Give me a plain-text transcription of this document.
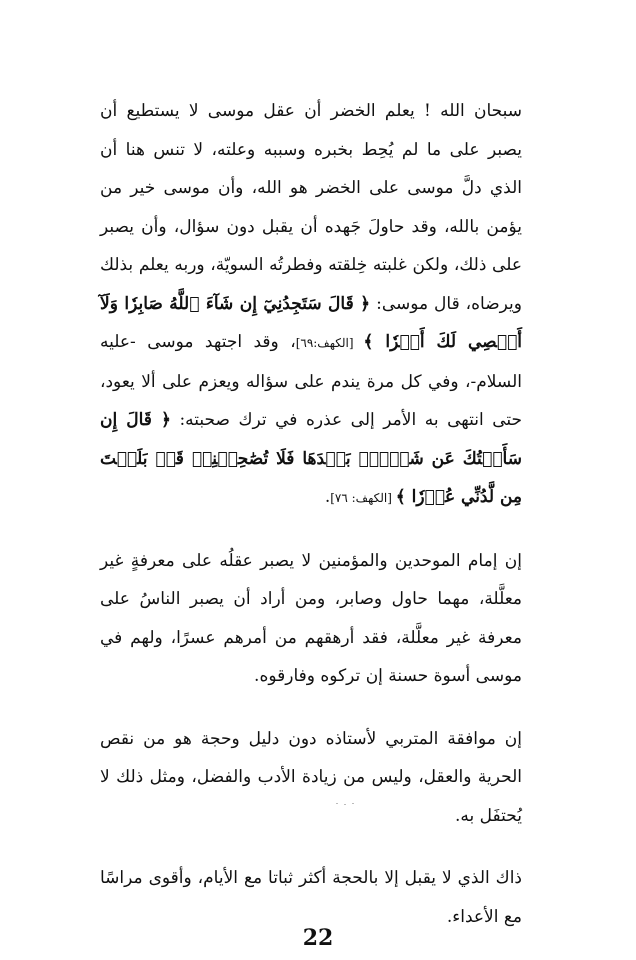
سبحان الله ! يعلم الخضر أن عقل موسى لا يستطيع أن يصبر على ما لم يُحِط بخبره وسببه وعلته، لا تنس هنا أن الذي دلَّ موسى على الخضر هو الله، وأن موسى خير من يؤمن بالله، وقد حاولَ جَهده أن يقبل دون سؤال، وأن يصبر على ذلك، ولكن غلبته خِلقته وفطرتُه السويّة، وربه يعلم بذلك ويرضاه، قال موسى: ﴿ قَالَ سَتَجِدُنِيٓ إِن شَآءَ ٱللَّهُ صَابِرٗا وَلَآ أَعۡصِي لَكَ أَمۡرٗا ﴾ [الكهف:٦٩]، وقد اجتهد موسى -عليه السلام-، وفي كل مرة يندم على سؤاله ويعزم على ألا يعود، حتى انتهى به الأمر إلى عذره في ترك صحبته: ﴿ قَالَ إِن سَأَلۡتُكَ عَن شَيۡءِۢ بَعۡدَهَا فَلَا تُصَٰحِبۡنِيۖ قَدۡ بَلَغۡتَ مِن لَّدُنِّي عُذۡرٗا ﴾ [الكهف: ٧٦].

إن إمام الموحدين والمؤمنين لا يصبر عقلُه على معرفةٍ غير معلَّلة، مهما حاول وصابر، ومن أراد أن يصبر الناسُ على معرفة غير معلَّلة، فقد أرهقهم من أمرهم عسرًا، ولهم في موسى أسوة حسنة إن تركوه وفارقوه.

إن موافقة المتربي لأستاذه دون دليل وحجة هو من نقص الحرية والعقل، وليس من زيادة الأدب والفضل، ومثل ذلك لا يُحتفَل به.

ذاك الذي لا يقبل إلا بالحجة أكثر ثباتا مع الأيام، وأقوى مراسًا مع الأعداء.

22
